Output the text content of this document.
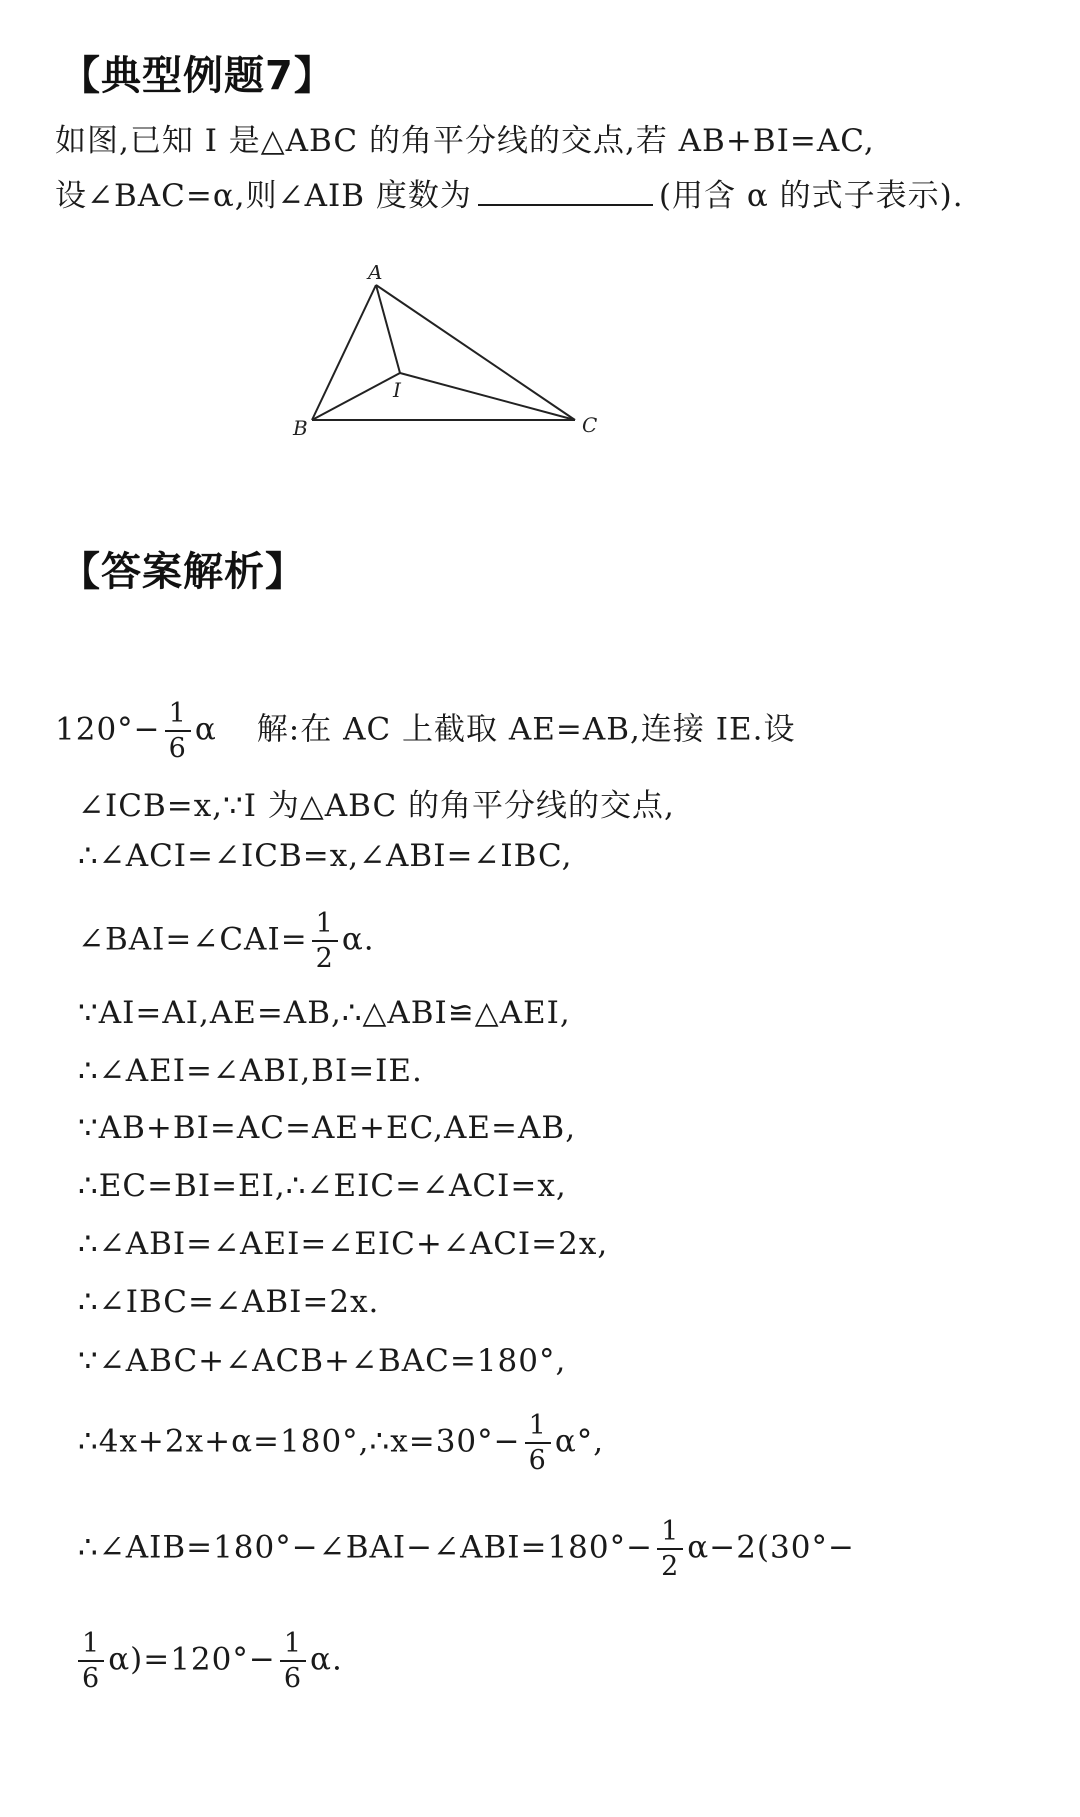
【典型例题7】
如图,已知 I 是△ABC 的角平分线的交点,若 AB+BI=AC,
设∠BAC=α,则∠AIB 度数为	(用含 α 的式子表示).
A
B	C
I
【答案解析】
$120^\circ- \frac{1}{6}$ α 解:在 AC 上截取 AE=AB,连接 IE.设
∠ICB=x,∵I 为△ABC 的角平分线的交点,
∴∠ACI=∠ICB=x,∠ABI=∠IBC,
∠BAI=∠CAI= $\frac{1}{2} \alpha$.
∵AI=AI,AE=AB,∴△ABI≌△AEI,
∴∠AEI=∠ABI,BI=IE.
∵AB+BI=AC=AE+EC,AE=AB,
∴EC=BI=EI,∴∠EIC=∠ACI=x,
∴∠ABI=∠AEI=∠EIC+∠ACI=2x,
∴∠IBC=∠ABI=2x.
∵∠ABC+∠ACB+∠BAC=180°,
∴4x+2x+α=180°,∴x=30°− $\frac{1}{6} \alpha^\circ$,
∴∠AIB=180°−∠BAI−∠ABI=180°− $\frac{1}{2} \alpha-2(30^\circ-$
$\frac{1}{6} \alpha)=120^\circ- \frac{1}{6} \alpha$.
